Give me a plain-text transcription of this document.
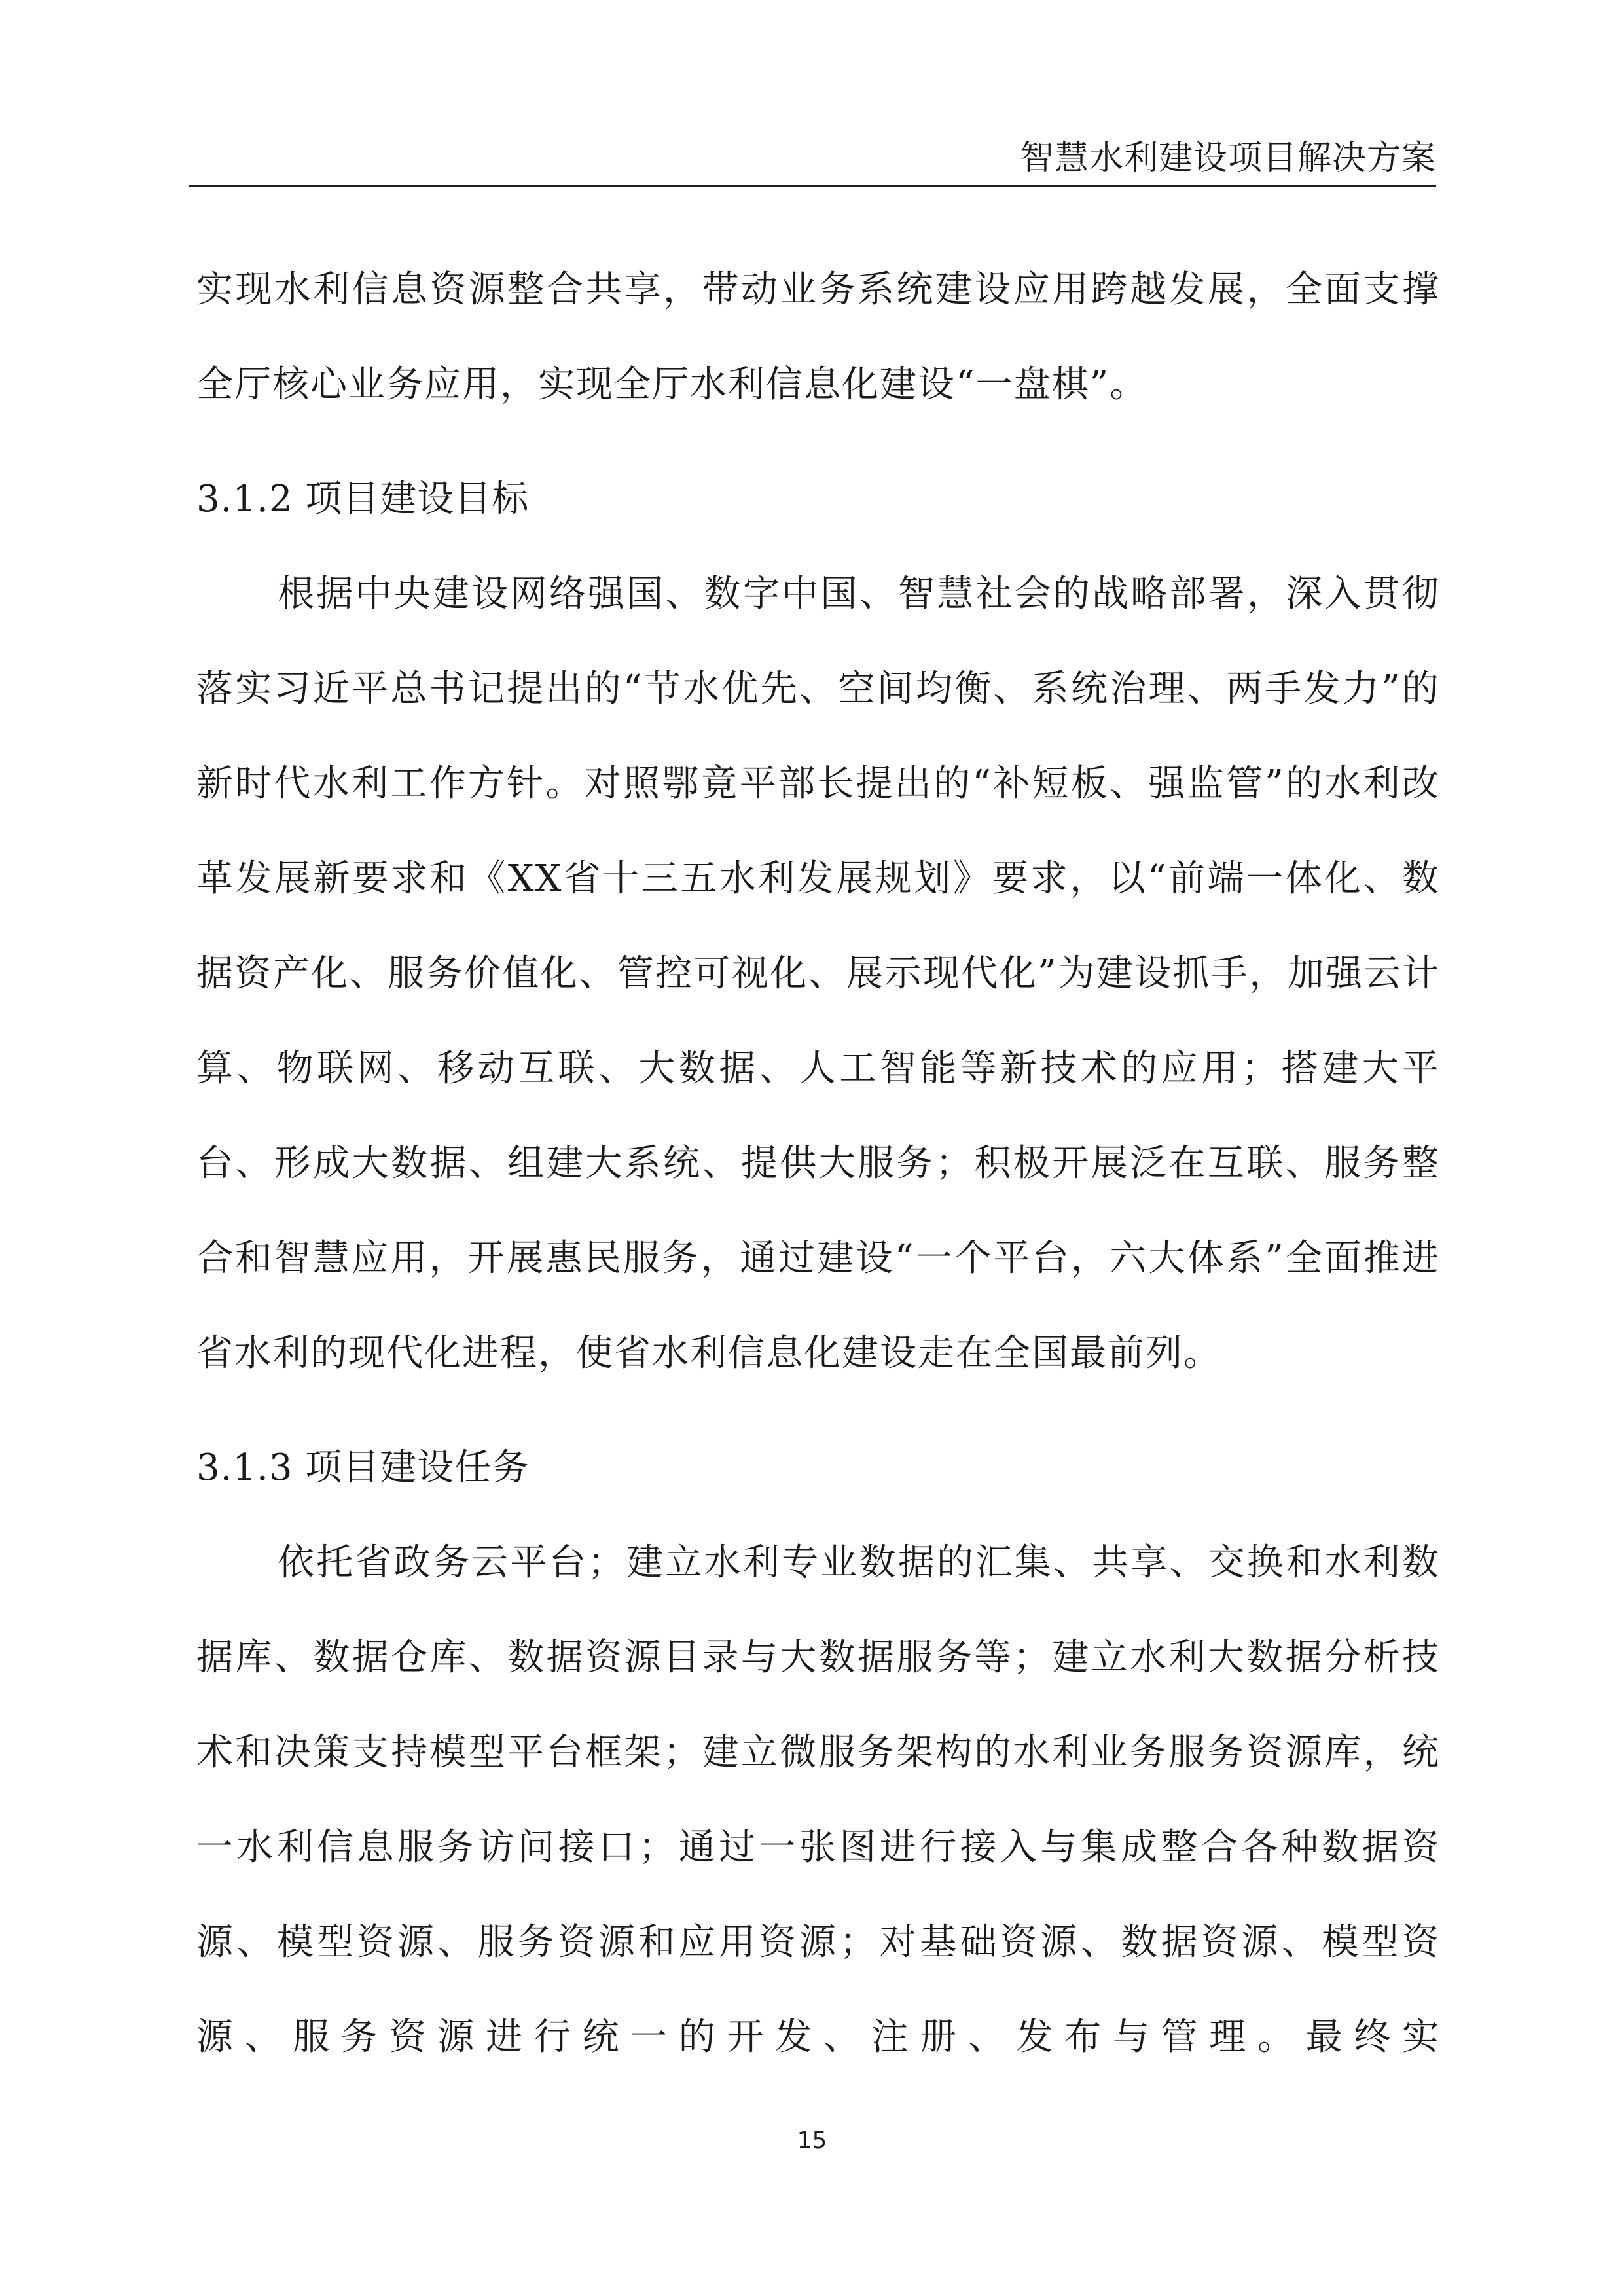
智慧水利建设项目解决方案

实现水利信息资源整合共享，带动业务系统建设应用跨越发展，全面支撑全厅核心业务应用，实现全厅水利信息化建设“一盘棋”。

3.1.2 项目建设目标

根据中央建设网络强国、数字中国、智慧社会的战略部署，深入贯彻落实习近平总书记提出的“节水优先、空间均衡、系统治理、两手发力”的新时代水利工作方针。对照鄂竟平部长提出的“补短板、强监管”的水利改革发展新要求和《XX省十三五水利发展规划》要求，以“前端一体化、数据资产化、服务价值化、管控可视化、展示现代化”为建设抓手，加强云计算、物联网、移动互联、大数据、人工智能等新技术的应用；搭建大平台、形成大数据、组建大系统、提供大服务；积极开展泛在互联、服务整合和智慧应用，开展惠民服务，通过建设“一个平台，六大体系”全面推进省水利的现代化进程，使省水利信息化建设走在全国最前列。

3.1.3 项目建设任务

依托省政务云平台；建立水利专业数据的汇集、共享、交换和水利数据库、数据仓库、数据资源目录与大数据服务等；建立水利大数据分析技术和决策支持模型平台框架；建立微服务架构的水利业务服务资源库，统一水利信息服务访问接口；通过一张图进行接入与集成整合各种数据资源、模型资源、服务资源和应用资源；对基础资源、数据资源、模型资源、服务资源进行统一的开发、注册、发布与管理。最终实

15
